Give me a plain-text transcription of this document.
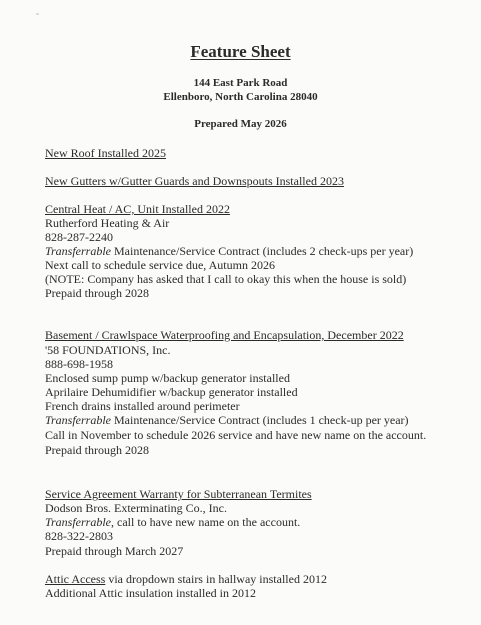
Feature Sheet
144 East Park Road
Ellenboro, North Carolina 28040
Prepared May 2026
New Roof Installed 2025
New Gutters w/Gutter Guards and Downspouts Installed 2023
Central Heat / AC, Unit Installed 2022
Rutherford Heating & Air
828-287-2240
Transferrable Maintenance/Service Contract (includes 2 check-ups per year)
Next call to schedule service due, Autumn 2026
(NOTE: Company has asked that I call to okay this when the house is sold)
Prepaid through 2028
Basement / Crawlspace Waterproofing and Encapsulation, December 2022
'58 FOUNDATIONS, Inc.
888-698-1958
Enclosed sump pump w/backup generator installed
Aprilaire Dehumidifier w/backup generator installed
French drains installed around perimeter
Transferrable Maintenance/Service Contract (includes 1 check-up per year)
Call in November to schedule 2026 service and have new name on the account.
Prepaid through 2028
Service Agreement Warranty for Subterranean Termites
Dodson Bros. Exterminating Co., Inc.
Transferrable, call to have new name on the account.
828-322-2803
Prepaid through March 2027
Attic Access via dropdown stairs in hallway installed 2012
Additional Attic insulation installed in 2012
